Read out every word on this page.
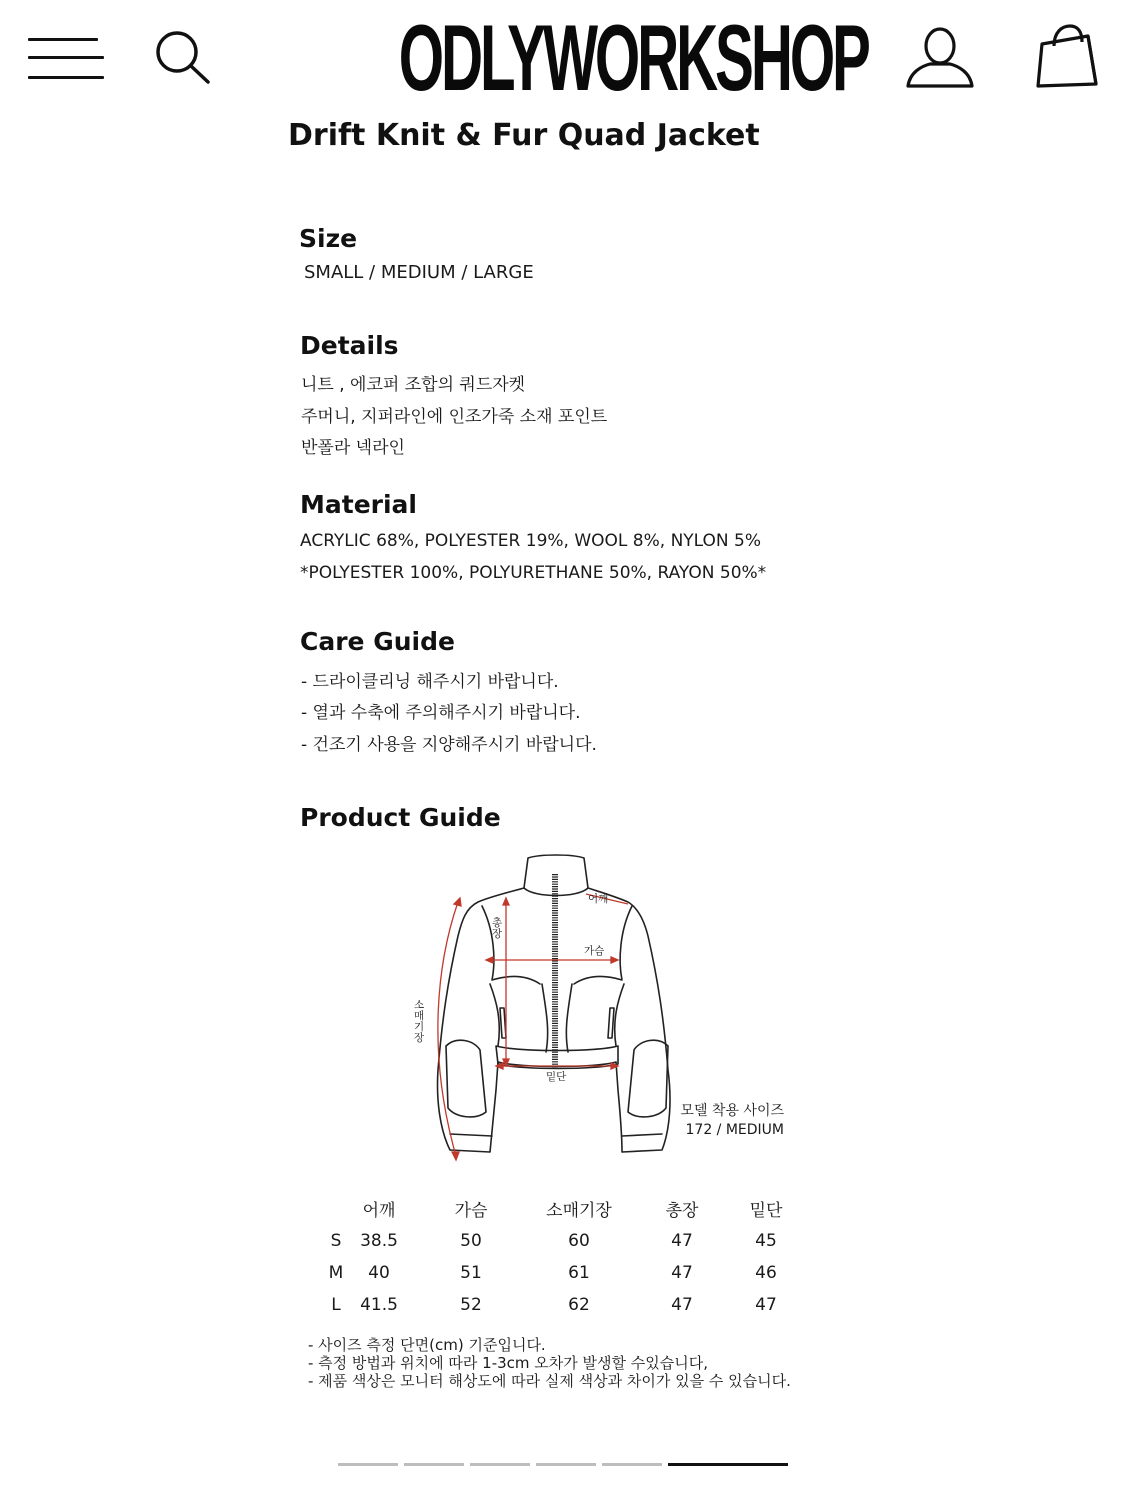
ODLYWORKSHOP
Drift Knit & Fur Quad Jacket
Size
SMALL / MEDIUM / LARGE
Details
니트 , 에코퍼 조합의 쿼드자켓
주머니, 지퍼라인에 인조가죽 소재 포인트
반폴라 넥라인
Material
ACRYLIC 68%, POLYESTER 19%, WOOL 8%, NYLON 5%
*POLYESTER 100%, POLYURETHANE 50%, RAYON 50%*
Care Guide
- 드라이클리닝 해주시기 바랍니다.
- 열과 수축에 주의해주시기 바랍니다.
- 건조기 사용을 지양해주시기 바랍니다.
Product Guide
어깨
가슴
밑단
총장
소매기장
모델 착용 사이즈
172 / MEDIUM
어깨	가슴	소매기장	총장	밑단
S 38.5	50	60	47	45
M 40	51	61	47	46
L 41.5	52	62	47	47
- 사이즈 측정 단면(cm) 기준입니다.
- 측정 방법과 위치에 따라 1-3cm 오차가 발생할 수있습니다,
- 제품 색상은 모니터 해상도에 따라 실제 색상과 차이가 있을 수 있습니다.
